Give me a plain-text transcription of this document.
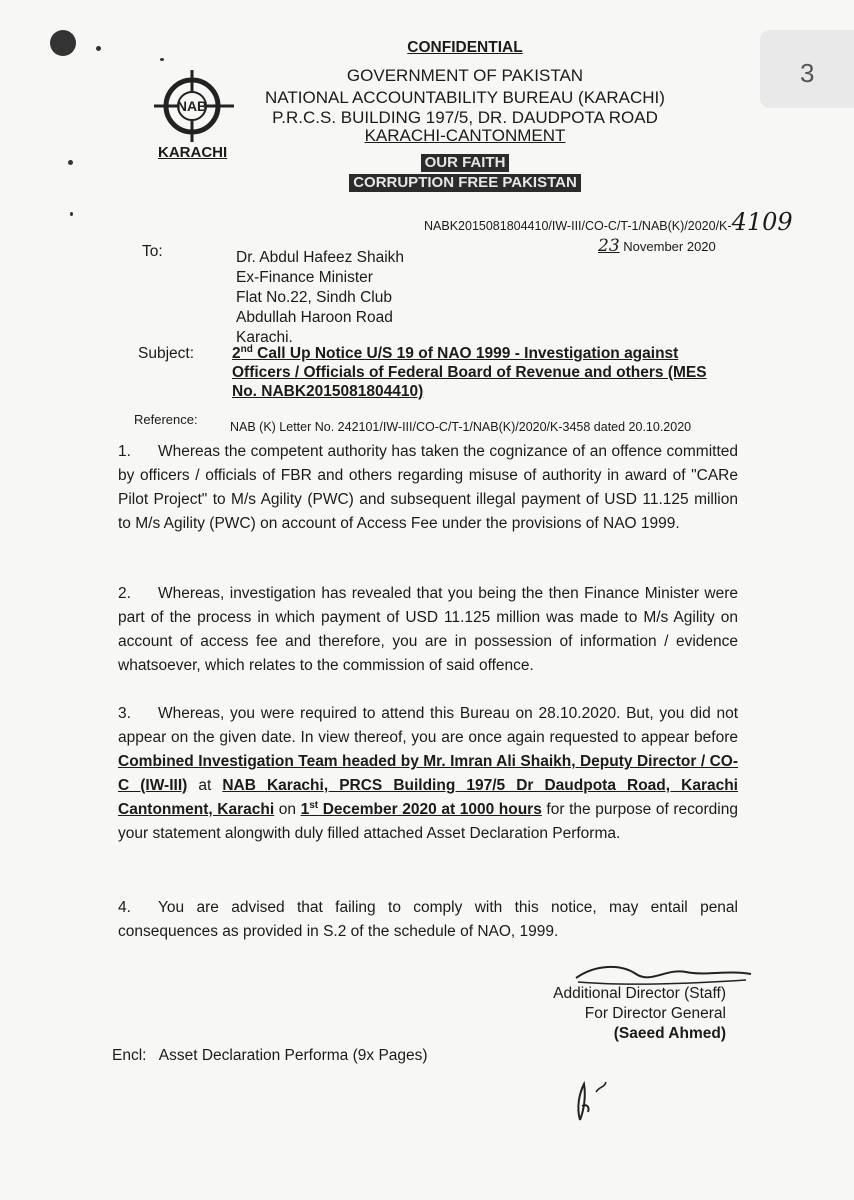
3
NAB
KARACHI
CONFIDENTIAL
GOVERNMENT OF PAKISTAN
NATIONAL ACCOUNTABILITY BUREAU (KARACHI)
P.R.C.S. BUILDING 197/5, DR. DAUDPOTA ROAD
KARACHI-CANTONMENT
OUR FAITH
CORRUPTION FREE PAKISTAN
NABK2015081804410/IW-III/CO-C/T-1/NAB(K)/2020/K-4109
23 November 2020
To:	Dr. Abdul Hafeez Shaikh
Ex-Finance Minister
Flat No.22, Sindh Club
Abdullah Haroon Road
Karachi.
Subject: 2nd Call Up Notice U/S 19 of NAO 1999 - Investigation against
Officers / Officials of Federal Board of Revenue and others (MES
No. NABK2015081804410)
Reference:	NAB (K) Letter No. 242101/IW-III/CO-C/T-1/NAB(K)/2020/K-3458 dated 20.10.2020
1. Whereas the competent authority has taken the cognizance of an offence committed by officers / officials of FBR and others regarding misuse of authority in award of "CARe Pilot Project" to M/s Agility (PWC) and subsequent illegal payment of USD 11.125 million to M/s Agility (PWC) on account of Access Fee under the provisions of NAO 1999.
2. Whereas, investigation has revealed that you being the then Finance Minister were part of the process in which payment of USD 11.125 million was made to M/s Agility on account of access fee and therefore, you are in possession of information / evidence whatsoever, which relates to the commission of said offence.
3. Whereas, you were required to attend this Bureau on 28.10.2020. But, you did not appear on the given date. In view thereof, you are once again requested to appear before Combined Investigation Team headed by Mr. Imran Ali Shaikh, Deputy Director / CO-C (IW-III) at NAB Karachi, PRCS Building 197/5 Dr Daudpota Road, Karachi Cantonment, Karachi on 1st December 2020 at 1000 hours for the purpose of recording your statement alongwith duly filled attached Asset Declaration Performa.
4. You are advised that failing to comply with this notice, may entail penal consequences as provided in S.2 of the schedule of NAO, 1999.
Additional Director (Staff)
For Director General
(Saeed Ahmed)
Encl: Asset Declaration Performa (9x Pages)
